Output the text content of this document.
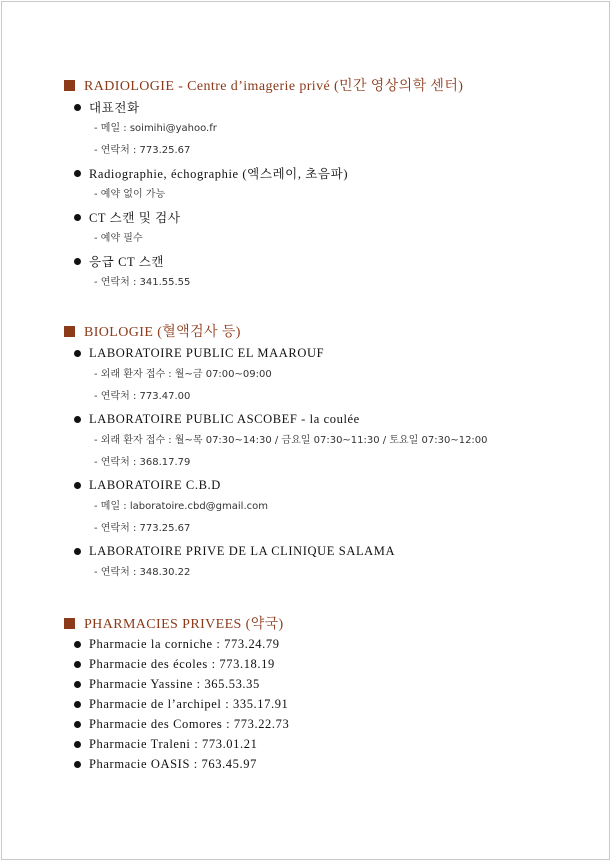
RADIOLOGIE - Centre d’imagerie privé (민간 영상의학 센터)
대표전화
- 메일 : soimihi@yahoo.fr
- 연락처 : 773.25.67
Radiographie, échographie (엑스레이, 초음파)
- 예약 없이 가능
CT 스캔 및 검사
- 예약 필수
응급 CT 스캔
- 연락처 : 341.55.55
BIOLOGIE (혈액검사 등)
LABORATOIRE PUBLIC EL MAAROUF
- 외래 환자 접수 : 월~금 07:00~09:00
- 연락처 : 773.47.00
LABORATOIRE PUBLIC ASCOBEF - la coulée
- 외래 환자 접수 : 월~목 07:30~14:30 / 금요일 07:30~11:30 / 토요일 07:30~12:00
- 연락처 : 368.17.79
LABORATOIRE C.B.D
- 메일 : laboratoire.cbd@gmail.com
- 연락처 : 773.25.67
LABORATOIRE PRIVE DE LA CLINIQUE SALAMA
- 연락처 : 348.30.22
PHARMACIES PRIVEES (약국)
Pharmacie la corniche : 773.24.79
Pharmacie des écoles : 773.18.19
Pharmacie Yassine : 365.53.35
Pharmacie de l’archipel : 335.17.91
Pharmacie des Comores : 773.22.73
Pharmacie Traleni : 773.01.21
Pharmacie OASIS : 763.45.97
